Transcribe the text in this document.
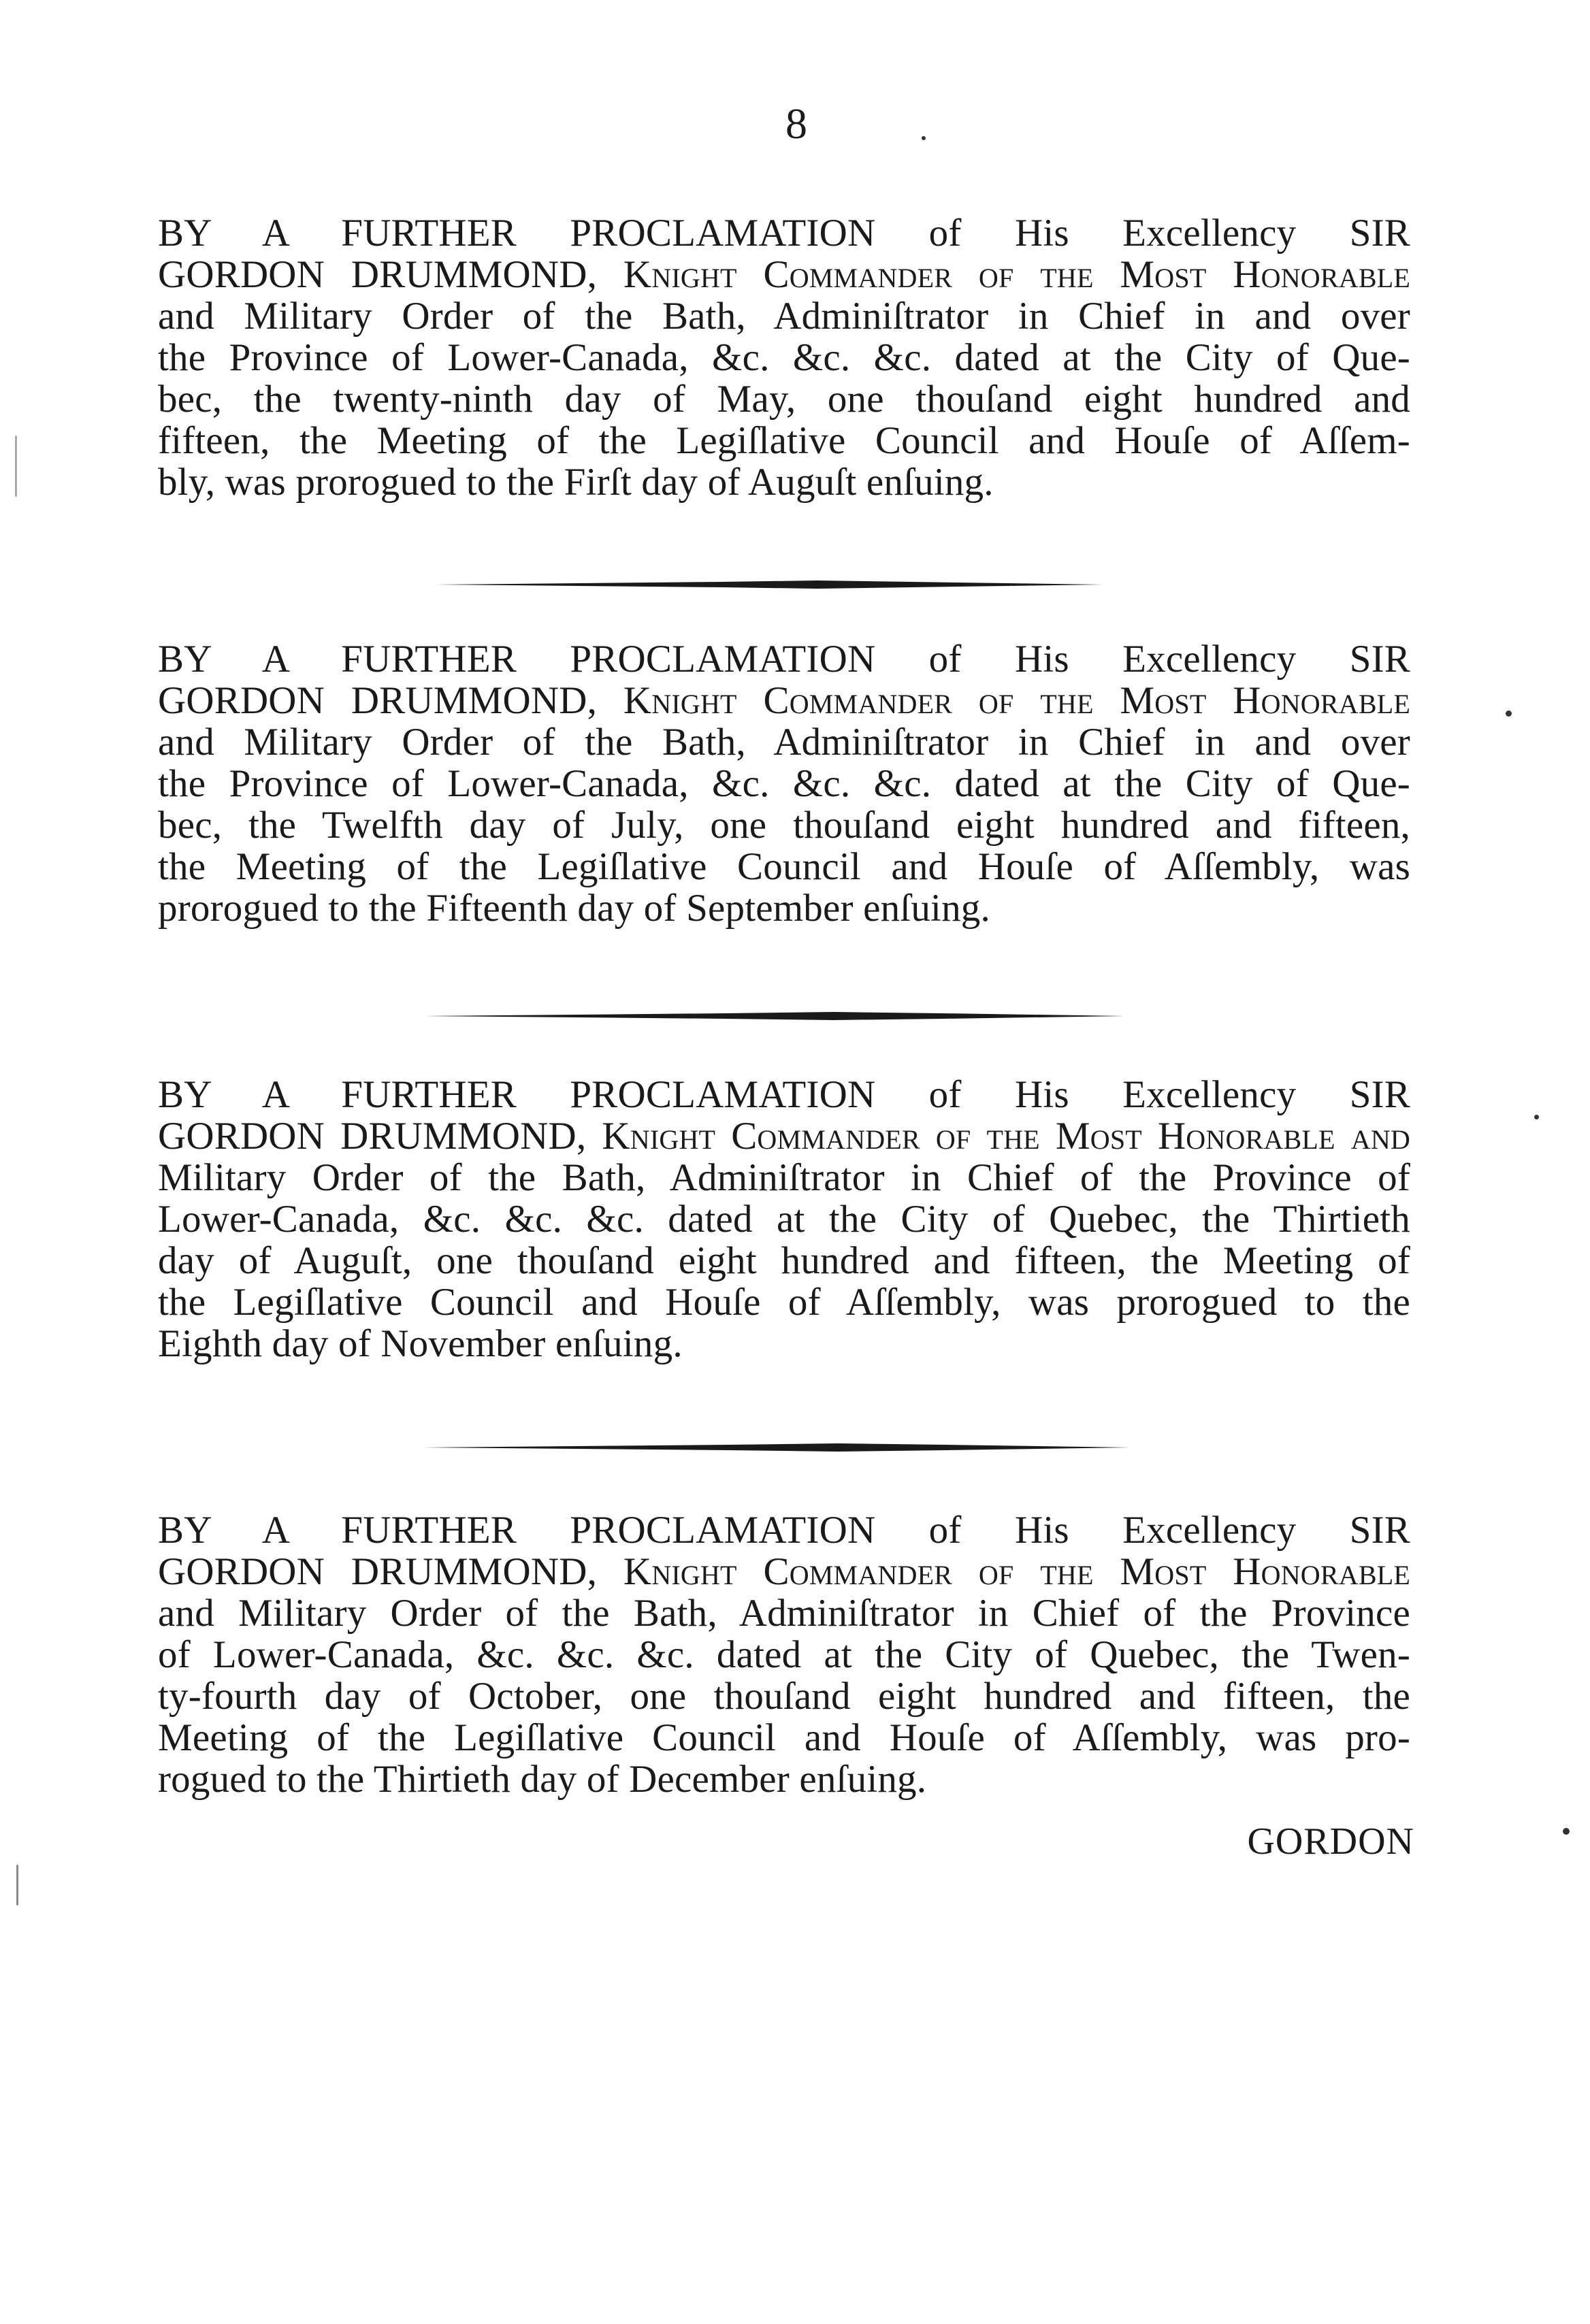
8
BY A FURTHER PROCLAMATION of His Excellency SIR
GORDON DRUMMOND, Knight Commander of the Moſt Honorable
and Military Order of the Bath, Adminiſtrator in Chief in and over
the Province of Lower-Canada, &c. &c. &c. dated at the City of Que-
bec, the twenty-ninth day of May, one thouſand eight hundred and
fifteen, the Meeting of the Legiſlative Council and Houſe of Aſſem-
bly, was prorogued to the Firſt day of Auguſt enſuing.
BY A FURTHER PROCLAMATION of His Excellency SIR
GORDON DRUMMOND, Knight Commander of the Moſt Honorable
and Military Order of the Bath, Adminiſtrator in Chief in and over
the Province of Lower-Canada, &c. &c. &c. dated at the City of Que-
bec, the Twelfth day of July, one thouſand eight hundred and fifteen,
the Meeting of the Legiſlative Council and Houſe of Aſſembly, was
prorogued to the Fifteenth day of September enſuing.
BY A FURTHER PROCLAMATION of His Excellency SIR
GORDON DRUMMOND, Knight Commander of the Moſt Honorable and
Military Order of the Bath, Adminiſtrator in Chief of the Province of
Lower-Canada, &c. &c. &c. dated at the City of Quebec, the Thirtieth
day of Auguſt, one thouſand eight hundred and fifteen, the Meeting of
the Legiſlative Council and Houſe of Aſſembly, was prorogued to the
Eighth day of November enſuing.
BY A FURTHER PROCLAMATION of His Excellency SIR
GORDON DRUMMOND, Knight Commander of the Moſt Honorable
and Military Order of the Bath, Adminiſtrator in Chief of the Province
of Lower-Canada, &c. &c. &c. dated at the City of Quebec, the Twen-
ty-fourth day of October, one thouſand eight hundred and fifteen, the
Meeting of the Legiſlative Council and Houſe of Aſſembly, was pro-
rogued to the Thirtieth day of December enſuing.
GORDON
